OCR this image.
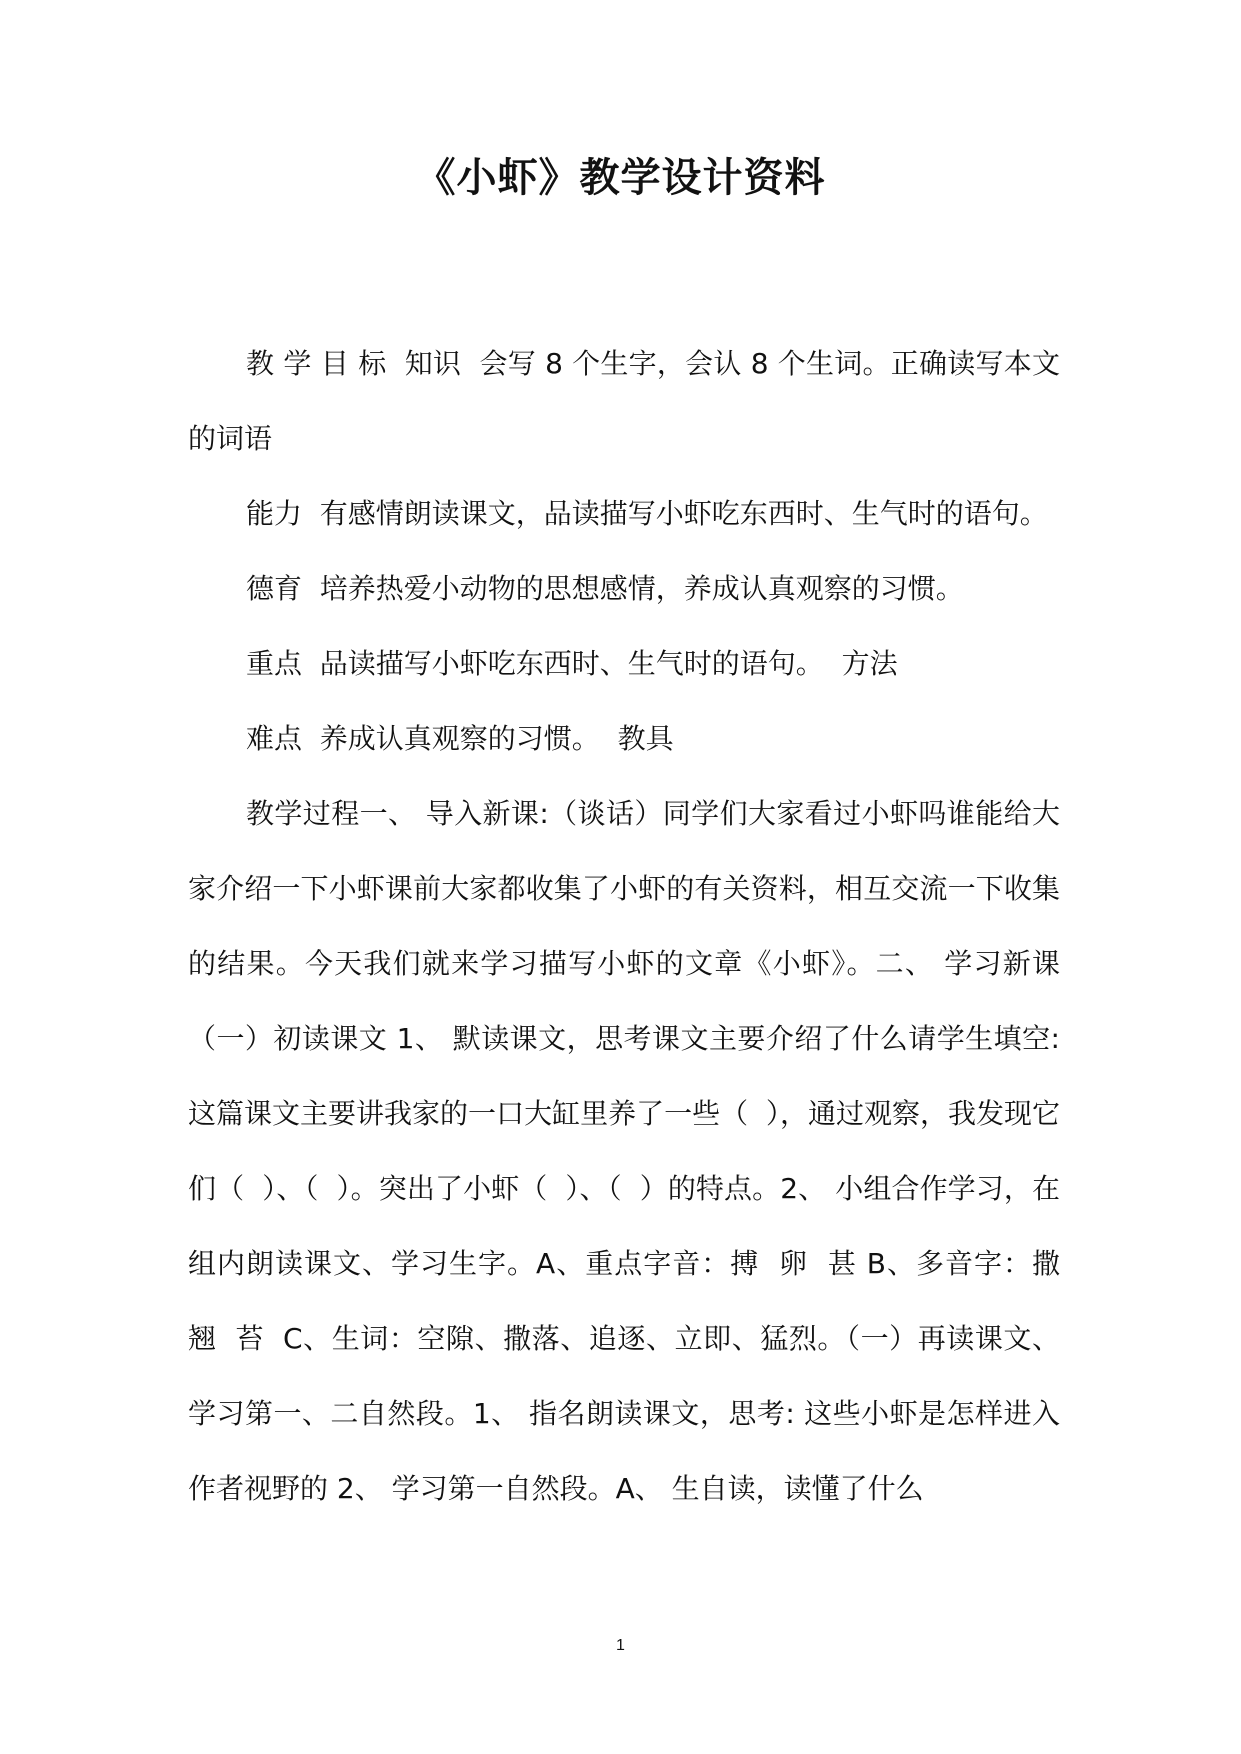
《小虾》教学设计资料

教 学 目 标  知识  会写 8 个生字，会认 8 个生词。正确读写本文的词语

能力  有感情朗读课文，品读描写小虾吃东西时、生气时的语句。

德育  培养热爱小动物的思想感情，养成认真观察的习惯。

重点  品读描写小虾吃东西时、生气时的语句。  方法

难点  养成认真观察的习惯。  教具

教学过程一、 导入新课:（谈话）同学们大家看过小虾吗谁能给大家介绍一下小虾课前大家都收集了小虾的有关资料，相互交流一下收集的结果。今天我们就来学习描写小虾的文章《小虾》。二、 学习新课（一）初读课文 1、 默读课文，思考课文主要介绍了什么请学生填空: 这篇课文主要讲我家的一口大缸里养了一些（  ），通过观察，我发现它们（  ）、（  ）。突出了小虾（  ）、（  ）的特点。2、 小组合作学习，在组内朗读课文、学习生字。A、重点字音：搏  卵  甚 B、多音字：撒  翘  苔  C、生词：空隙、撒落、追逐、立即、猛烈。（一）再读课文、学习第一、二自然段。1、 指名朗读课文，思考: 这些小虾是怎样进入作者视野的 2、 学习第一自然段。A、 生自读，读懂了什么

1
